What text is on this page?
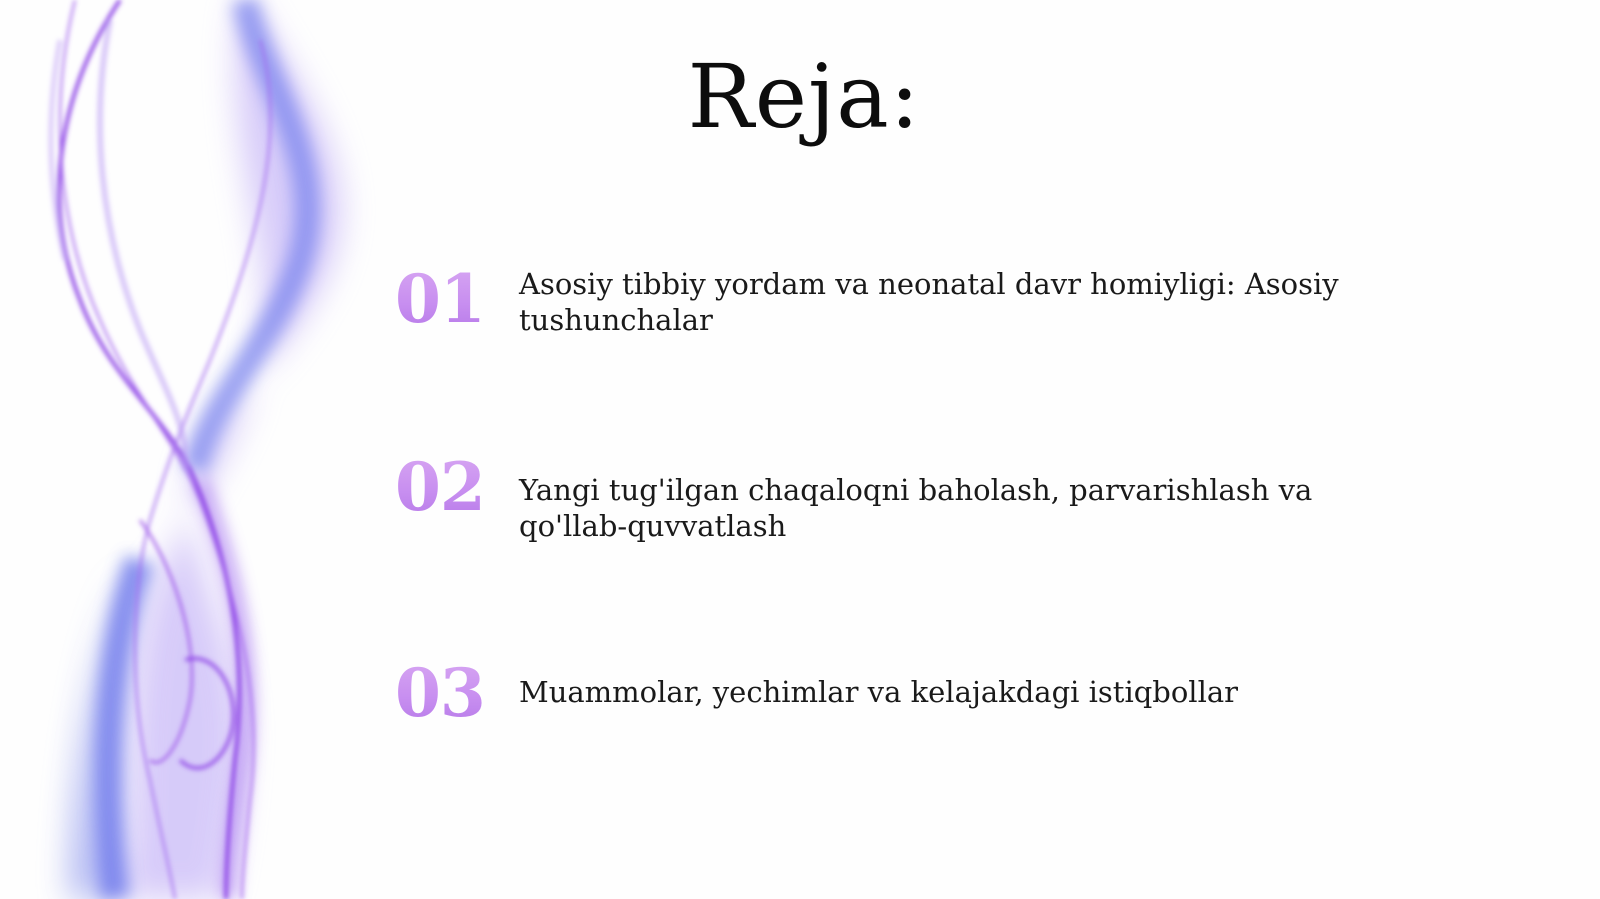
Reja:
01 Asosiy tibbiy yordam va neonatal davr homiyligi: Asosiy tushunchalar
02 Yangi tug'ilgan chaqaloqni baholash, parvarishlash va qo'llab-quvvatlash
03 Muammolar, yechimlar va kelajakdagi istiqbollar
